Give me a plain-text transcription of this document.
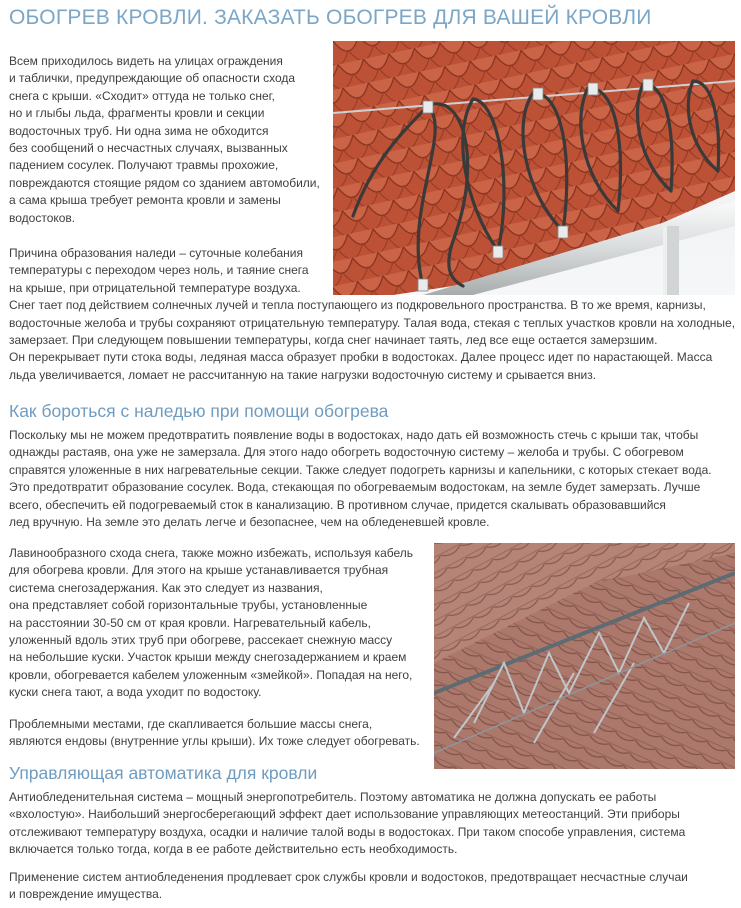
ОБОГРЕВ КРОВЛИ. ЗАКАЗАТЬ ОБОГРЕВ ДЛЯ ВАШЕЙ КРОВЛИ
Всем приходилось видеть на улицах ограждения
и таблички, предупреждающие об опасности схода
снега с крыши. «Сходит» оттуда не только снег,
но и глыбы льда, фрагменты кровли и секции
водосточных труб. Ни одна зима не обходится
без сообщений о несчастных случаях, вызванных
падением сосулек. Получают травмы прохожие,
повреждаются стоящие рядом со зданием автомобили,
а сама крыша требует ремонта кровли и замены
водостоков.
Причина образования наледи – суточные колебания
температуры с переходом через ноль, и таяние снега
на крыше, при отрицательной температуре воздуха.
Снег тает под действием солнечных лучей и тепла поступающего из подкровельного пространства. В то же время, карнизы,
водосточные желоба и трубы сохраняют отрицательную температуру. Талая вода, стекая с теплых участков кровли на холодные,
замерзает. При следующем повышении температуры, когда снег начинает таять, лед все еще остается замерзшим.
Он перекрывает пути стока воды, ледяная масса образует пробки в водостоках. Далее процесс идет по нарастающей. Масса
льда увеличивается, ломает не рассчитанную на такие нагрузки водосточную систему и срывается вниз.
Как бороться с наледью при помощи обогрева
Поскольку мы не можем предотвратить появление воды в водостоках, надо дать ей возможность стечь с крыши так, чтобы
однажды растаяв, она уже не замерзала. Для этого надо обогреть водосточную систему – желоба и трубы. С обогревом
справятся уложенные в них нагревательные секции. Также следует подогреть карнизы и капельники, с которых стекает вода.
Это предотвратит образование сосулек. Вода, стекающая по обогреваемым водостокам, на земле будет замерзать. Лучше
всего, обеспечить ей подогреваемый сток в канализацию. В противном случае, придется скалывать образовавшийся
лед вручную. На земле это делать легче и безопаснее, чем на обледеневшей кровле.
Лавинообразного схода снега, также можно избежать, используя кабель
для обогрева кровли. Для этого на крыше устанавливается трубная
система снегозадержания. Как это следует из названия,
она представляет собой горизонтальные трубы, установленные
на расстоянии 30-50 см от края кровли. Нагревательный кабель,
уложенный вдоль этих труб при обогреве, рассекает снежную массу
на небольшие куски. Участок крыши между снегозадержанием и краем
кровли, обогревается кабелем уложенным «змейкой». Попадая на него,
куски снега тают, а вода уходит по водостоку.
Проблемными местами, где скапливается большие массы снега,
являются ендовы (внутренние углы крыши). Их тоже следует обогревать.
Управляющая автоматика для кровли
Антиобледенительная система – мощный энергопотребитель. Поэтому автоматика не должна допускать ее работы
«вхолостую». Наибольший энергосберегающий эффект дает использование управляющих метеостанций. Эти приборы
отслеживают температуру воздуха, осадки и наличие талой воды в водостоках. При таком способе управления, система
включается только тогда, когда в ее работе действительно есть необходимость.
Применение систем антиобледенения продлевает срок службы кровли и водостоков, предотвращает несчастные случаи
и повреждение имущества.
